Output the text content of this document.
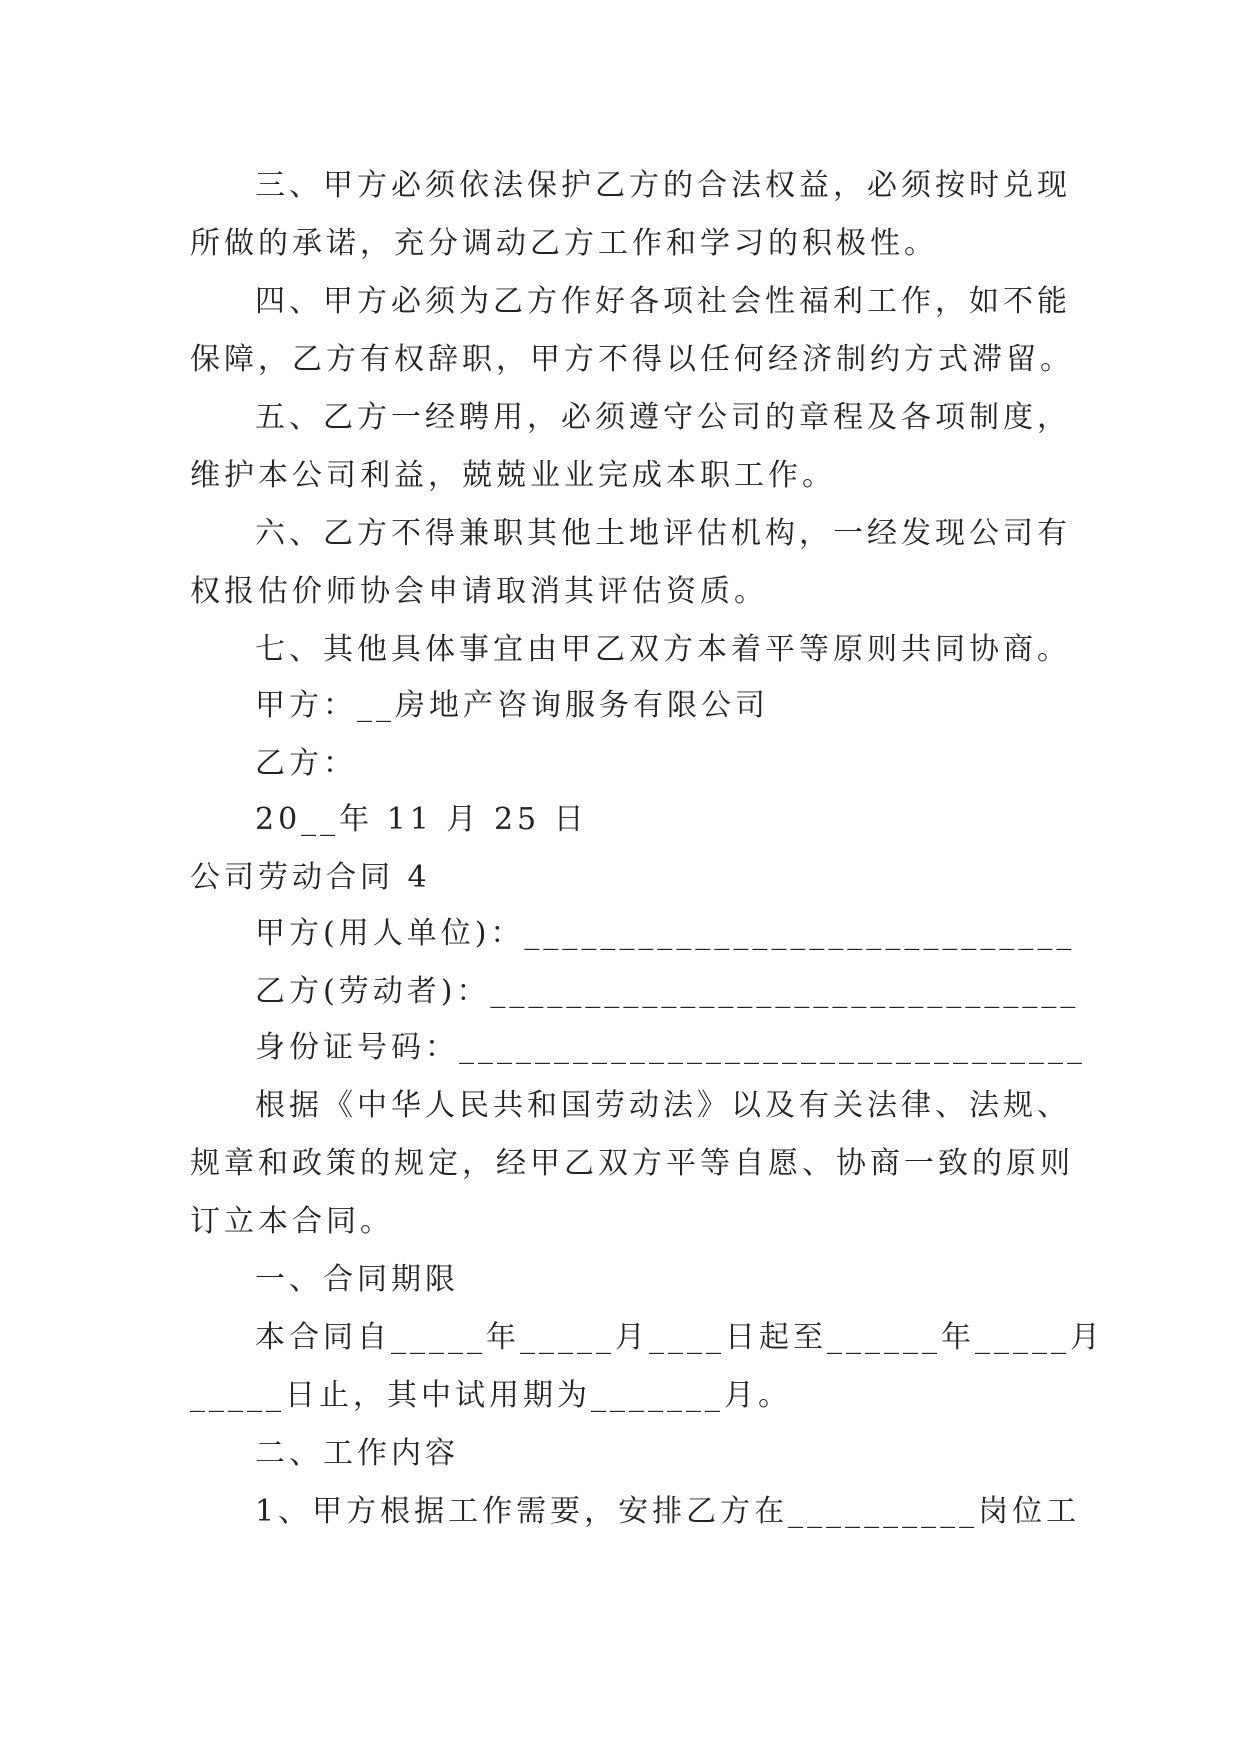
三、甲方必须依法保护乙方的合法权益，必须按时兑现
所做的承诺，充分调动乙方工作和学习的积极性。
四、甲方必须为乙方作好各项社会性福利工作，如不能
保障，乙方有权辞职，甲方不得以任何经济制约方式滞留。
五、乙方一经聘用，必须遵守公司的章程及各项制度，
维护本公司利益，兢兢业业完成本职工作。
六、乙方不得兼职其他土地评估机构，一经发现公司有
权报估价师协会申请取消其评估资质。
七、其他具体事宜由甲乙双方本着平等原则共同协商。
甲方：__房地产咨询服务有限公司
乙方：
20__年 11 月 25 日
公司劳动合同 4
甲方(用人单位)：_____________________________
乙方(劳动者)：_______________________________
身份证号码：_________________________________
根据《中华人民共和国劳动法》以及有关法律、法规、
规章和政策的规定，经甲乙双方平等自愿、协商一致的原则
订立本合同。
一、合同期限
本合同自_____年_____月____日起至______年_____月
_____日止，其中试用期为_______月。
二、工作内容
1、甲方根据工作需要，安排乙方在__________岗位工
